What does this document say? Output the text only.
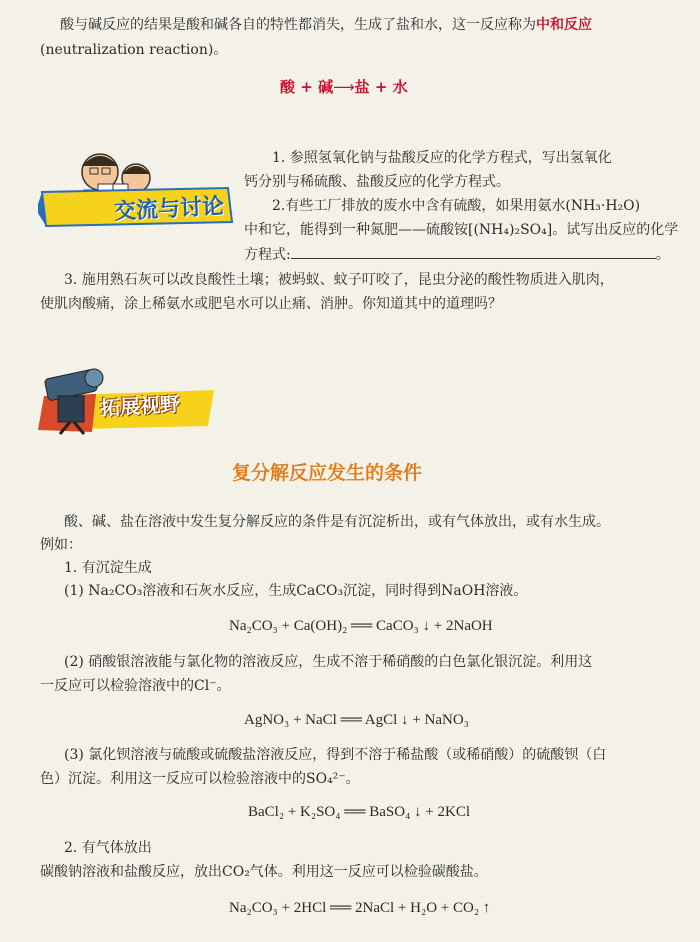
酸与碱反应的结果是酸和碱各自的特性都消失，生成了盐和水，这一反应称为中和反应
(neutralization reaction)。
酸 + 碱⟶盐 + 水
交流与讨论
1. 参照氢氧化钠与盐酸反应的化学方程式，写出氢氧化
钙分别与稀硫酸、盐酸反应的化学方程式。
2.有些工厂排放的废水中含有硫酸，如果用氨水(NH₃·H₂O)
中和它，能得到一种氮肥——硫酸铵[(NH₄)₂SO₄]。试写出反应的化学
方程式:	。
3. 施用熟石灰可以改良酸性土壤；被蚂蚁、蚊子叮咬了，昆虫分泌的酸性物质进入肌肉，
使肌肉酸痛，涂上稀氨水或肥皂水可以止痛、消肿。你知道其中的道理吗？
拓展视野
复分解反应发生的条件
酸、碱、盐在溶液中发生复分解反应的条件是有沉淀析出，或有气体放出，或有水生成。
例如：
1. 有沉淀生成
(1) Na₂CO₃溶液和石灰水反应，生成CaCO₃沉淀，同时得到NaOH溶液。
Na₂CO₃ + Ca(OH)₂ ══ CaCO₃ ↓ + 2NaOH
(2) 硝酸银溶液能与氯化物的溶液反应，生成不溶于稀硝酸的白色氯化银沉淀。利用这
一反应可以检验溶液中的Cl⁻。
AgNO₃ + NaCl ══ AgCl ↓ + NaNO₃
(3) 氯化钡溶液与硫酸或硫酸盐溶液反应，得到不溶于稀盐酸（或稀硝酸）的硫酸钡（白
色）沉淀。利用这一反应可以检验溶液中的SO₄²⁻。
BaCl₂ + K₂SO₄ ══ BaSO₄ ↓ + 2KCl
2. 有气体放出
碳酸钠溶液和盐酸反应，放出CO₂气体。利用这一反应可以检验碳酸盐。
Na₂CO₃ + 2HCl ══ 2NaCl + H₂O + CO₂ ↑
